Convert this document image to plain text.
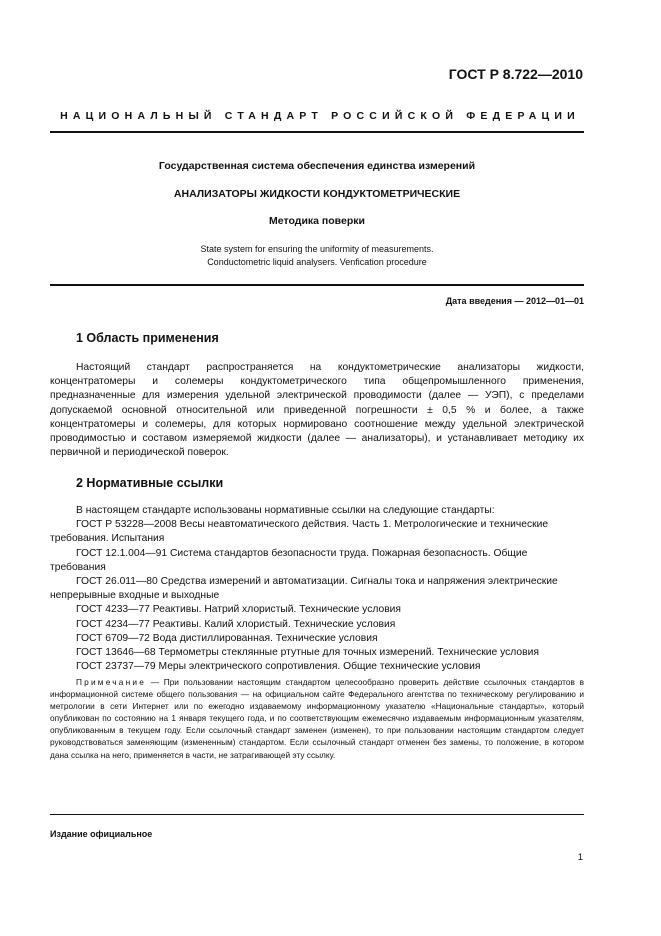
ГОСТ Р 8.722—2010
НАЦИОНАЛЬНЫЙ СТАНДАРТ РОССИЙСКОЙ ФЕДЕРАЦИИ
Государственная система обеспечения единства измерений
АНАЛИЗАТОРЫ ЖИДКОСТИ КОНДУКТОМЕТРИЧЕСКИЕ
Методика поверки
State system for ensuring the uniformity of measurements.
Conductometric liquid analysers. Venfication procedure
Дата введения — 2012—01—01
1 Область применения

Настоящий стандарт распространяется на кондуктометрические анализаторы жидкости, концентратомеры и солемеры кондуктометрического типа общепромышленного применения, предназначенные для измерения удельной электрической проводимости (далее — УЭП), с пределами допускаемой основной относительной или приведенной погрешности ± 0,5 % и более, а также концентратомеры и солемеры, для которых нормировано соотношение между удельной электрической проводимостью и составом измеряемой жидкости (далее — анализаторы), и устанавливает методику их первичной и периодической поверок.

2 Нормативные ссылки

В настоящем стандарте использованы нормативные ссылки на следующие стандарты:

ГОСТ Р 53228—2008 Весы неавтоматического действия. Часть 1. Метрологические и технические требования. Испытания

ГОСТ 12.1.004—91 Система стандартов безопасности труда. Пожарная безопасность. Общие требования

ГОСТ 26.011—80 Средства измерений и автоматизации. Сигналы тока и напряжения электрические непрерывные входные и выходные

ГОСТ 4233—77 Реактивы. Натрий хлористый. Технические условия

ГОСТ 4234—77 Реактивы. Калий хлористый. Технические условия

ГОСТ 6709—72 Вода дистиллированная. Технические условия

ГОСТ 13646—68 Термометры стеклянные ртутные для точных измерений. Технические условия

ГОСТ 23737—79 Меры электрического сопротивления. Общие технические условия

Примечание — При пользовании настоящим стандартом целесообразно проверить действие ссылочных стандартов в информационной системе общего пользования — на официальном сайте Федерального агентства по техническому регулированию и метрологии в сети Интернет или по ежегодно издаваемому информационному указателю «Национальные стандарты», который опубликован по состоянию на 1 января текущего года, и по соответствующим ежемесячно издаваемым информационным указателям, опубликованным в текущем году. Если ссылочный стандарт заменен (изменен), то при пользовании настоящим стандартом следует руководствоваться заменяющим (измененным) стандартом. Если ссылочный стандарт отменен без замены, то положение, в котором дана ссылка на него, применяется в части, не затрагивающей эту ссылку.

Издание официальное
1
